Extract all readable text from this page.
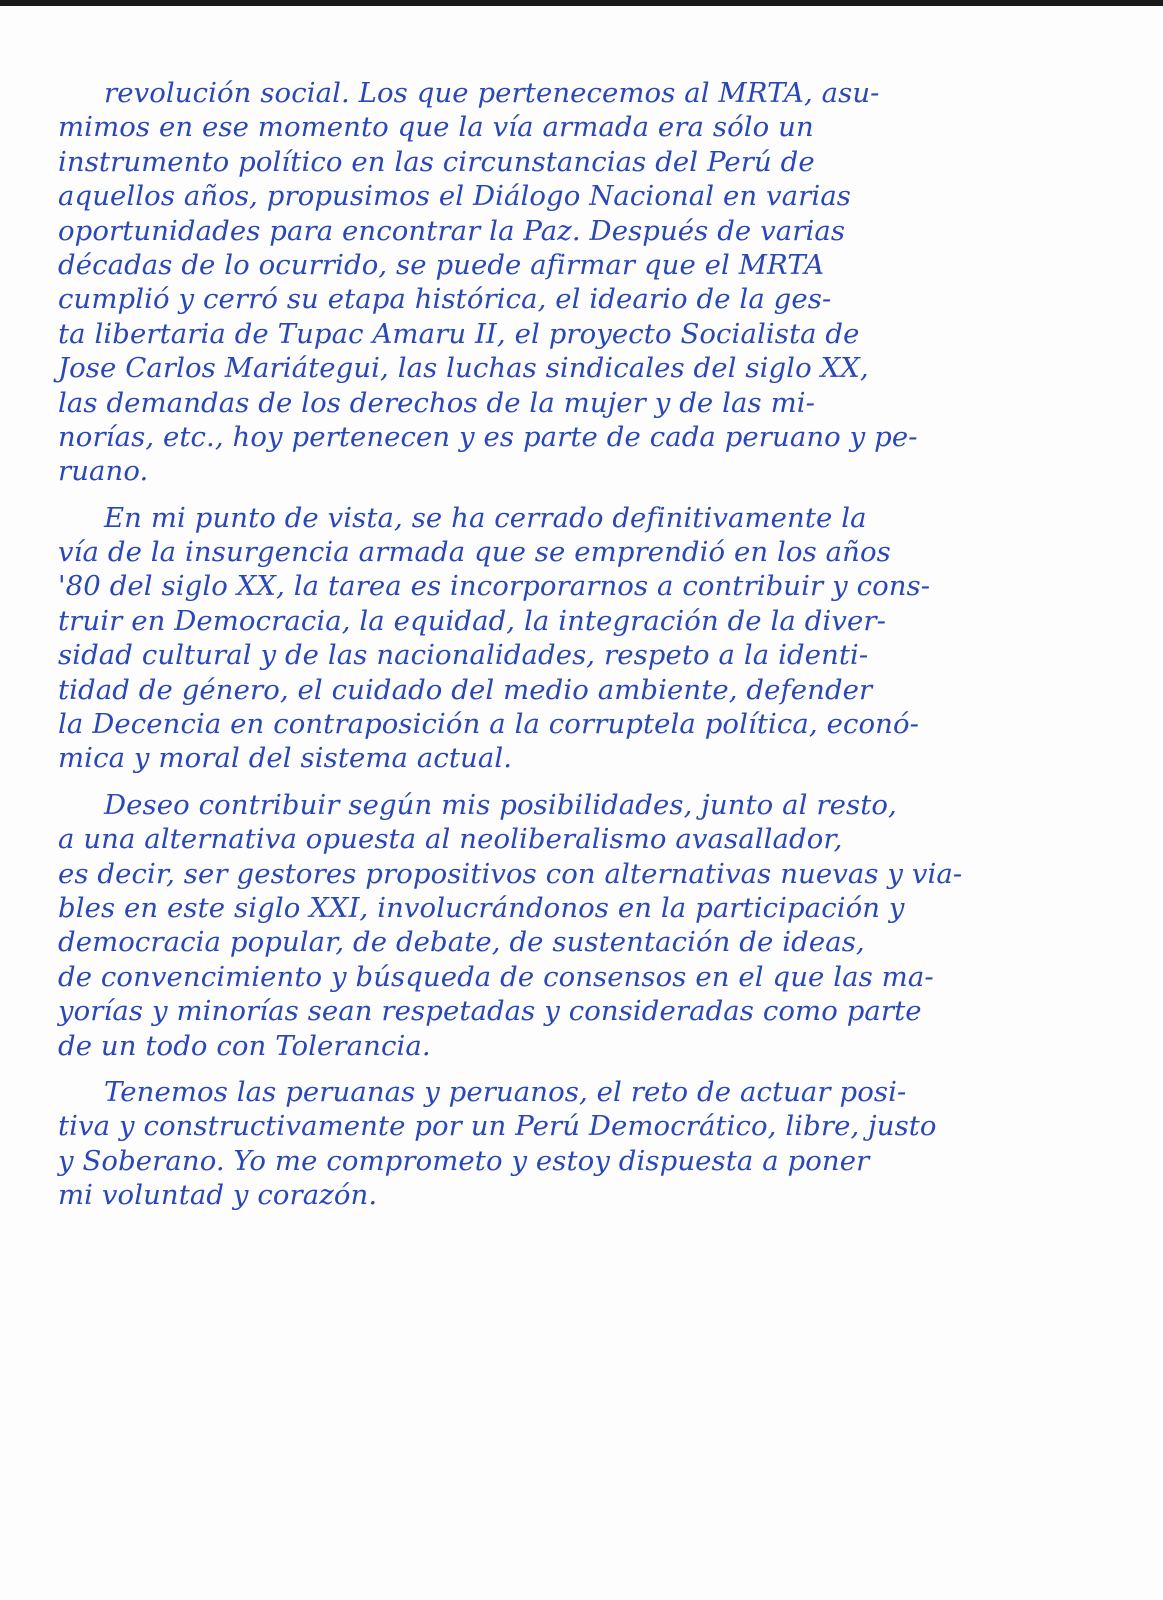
revolución social. Los que pertenecemos al MRTA, asu-
mimos en ese momento que la vía armada era sólo un
instrumento político en las circunstancias del Perú de
aquellos años, propusimos el Diálogo Nacional en varias
oportunidades para encontrar la Paz. Después de varias
décadas de lo ocurrido, se puede afirmar que el MRTA
cumplió y cerró su etapa histórica, el ideario de la ges-
ta libertaria de Tupac Amaru II, el proyecto Socialista de
Jose Carlos Mariátegui, las luchas sindicales del siglo XX,
las demandas de los derechos de la mujer y de las mi-
norías, etc., hoy pertenecen y es parte de cada peruano y pe-
ruano.
En mi punto de vista, se ha cerrado definitivamente la
vía de la insurgencia armada que se emprendió en los años
'80 del siglo XX, la tarea es incorporarnos a contribuir y cons-
truir en Democracia, la equidad, la integración de la diver-
sidad cultural y de las nacionalidades, respeto a la identi-
tidad de género, el cuidado del medio ambiente, defender
la Decencia en contraposición a la corruptela política, econó-
mica y moral del sistema actual.
Deseo contribuir según mis posibilidades, junto al resto,
a una alternativa opuesta al neoliberalismo avasallador,
es decir, ser gestores propositivos con alternativas nuevas y via-
bles en este siglo XXI, involucrándonos en la participación y
democracia popular, de debate, de sustentación de ideas,
de convencimiento y búsqueda de consensos en el que las ma-
yorías y minorías sean respetadas y consideradas como parte
de un todo con Tolerancia.
Tenemos las peruanas y peruanos, el reto de actuar posi-
tiva y constructivamente por un Perú Democrático, libre, justo
y Soberano. Yo me comprometo y estoy dispuesta a poner
mi voluntad y corazón.
